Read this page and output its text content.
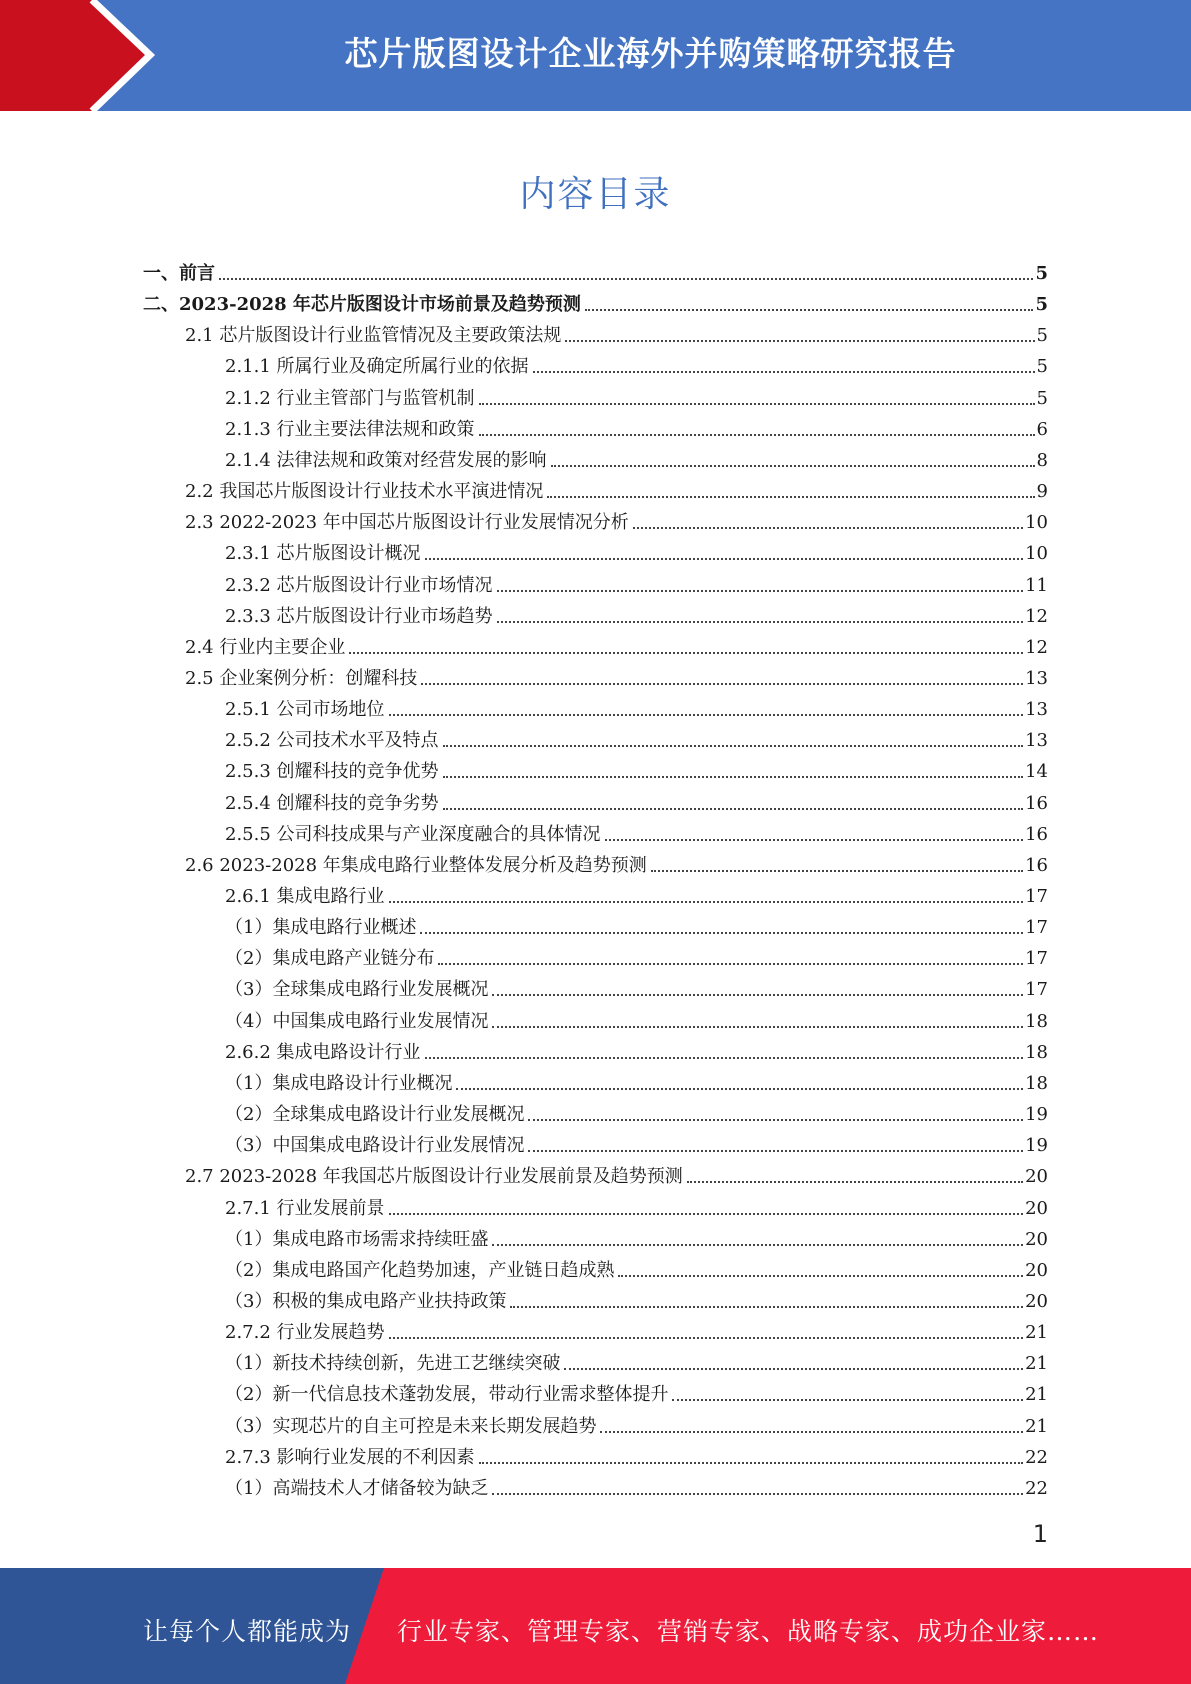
芯片版图设计企业海外并购策略研究报告
内容目录
一、前言	5
二、2023-2028 年芯片版图设计市场前景及趋势预测	5
2.1 芯片版图设计行业监管情况及主要政策法规	5
2.1.1 所属行业及确定所属行业的依据	5
2.1.2 行业主管部门与监管机制	5
2.1.3 行业主要法律法规和政策	6
2.1.4 法律法规和政策对经营发展的影响	8
2.2 我国芯片版图设计行业技术水平演进情况	9
2.3 2022-2023 年中国芯片版图设计行业发展情况分析	10
2.3.1 芯片版图设计概况	10
2.3.2 芯片版图设计行业市场情况	11
2.3.3 芯片版图设计行业市场趋势	12
2.4 行业内主要企业	12
2.5 企业案例分析：创耀科技	13
2.5.1 公司市场地位	13
2.5.2 公司技术水平及特点	13
2.5.3 创耀科技的竞争优势	14
2.5.4 创耀科技的竞争劣势	16
2.5.5 公司科技成果与产业深度融合的具体情况	16
2.6 2023-2028 年集成电路行业整体发展分析及趋势预测	16
2.6.1 集成电路行业	17
（1）集成电路行业概述	17
（2）集成电路产业链分布	17
（3）全球集成电路行业发展概况	17
（4）中国集成电路行业发展情况	18
2.6.2 集成电路设计行业	18
（1）集成电路设计行业概况	18
（2）全球集成电路设计行业发展概况	19
（3）中国集成电路设计行业发展情况	19
2.7 2023-2028 年我国芯片版图设计行业发展前景及趋势预测	20
2.7.1 行业发展前景	20
（1）集成电路市场需求持续旺盛	20
（2）集成电路国产化趋势加速，产业链日趋成熟	20
（3）积极的集成电路产业扶持政策	20
2.7.2 行业发展趋势	21
（1）新技术持续创新，先进工艺继续突破	21
（2）新一代信息技术蓬勃发展，带动行业需求整体提升	21
（3）实现芯片的自主可控是未来长期发展趋势	21
2.7.3 影响行业发展的不利因素	22
（1）高端技术人才储备较为缺乏	22
1
让每个人都能成为 行业专家、管理专家、营销专家、战略专家、成功企业家……
